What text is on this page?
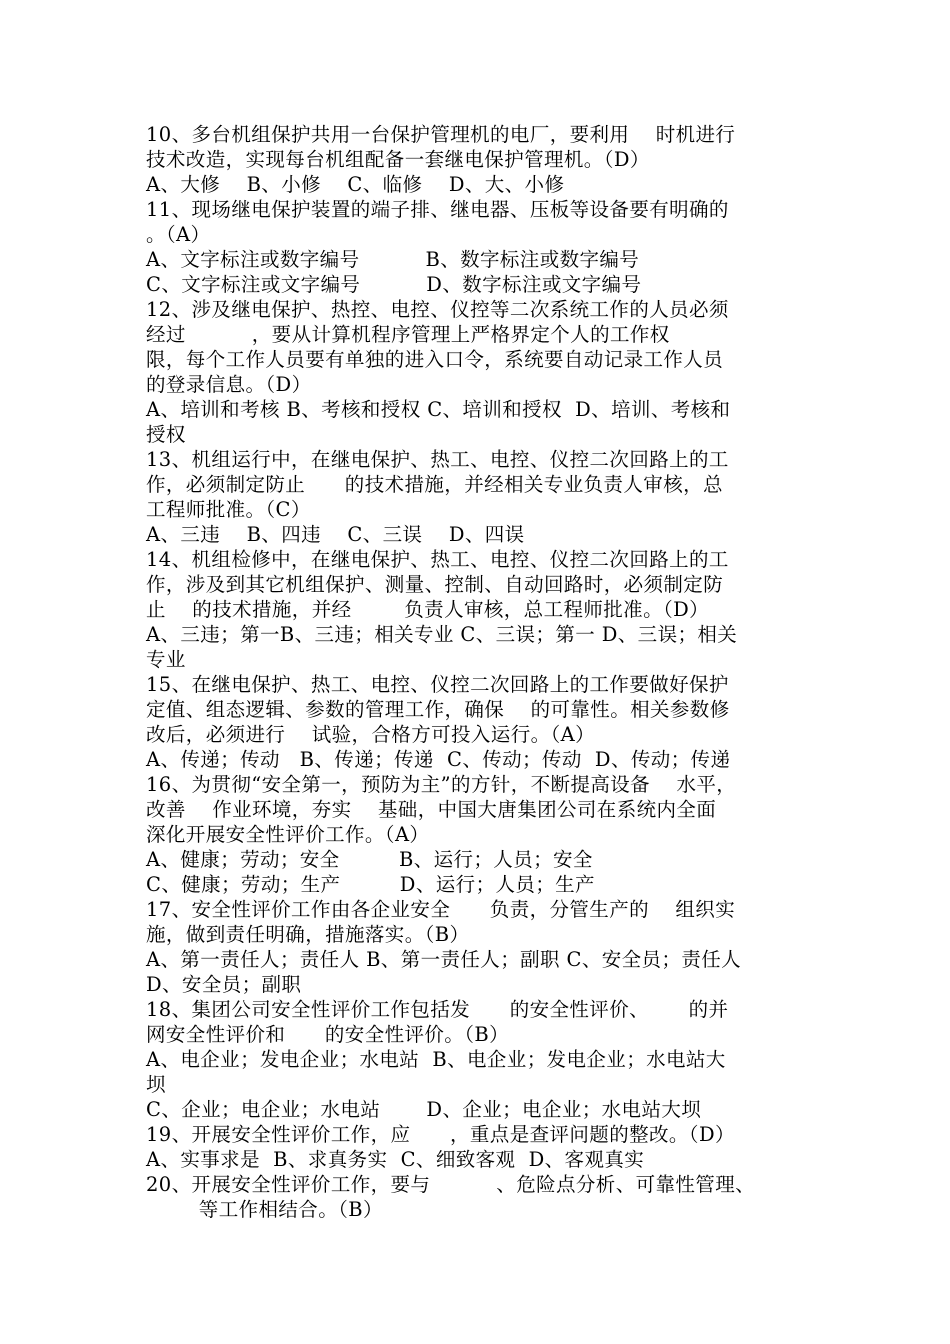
10、多台机组保护共用一台保护管理机的电厂，要利用    时机进行
技术改造，实现每台机组配备一套继电保护管理机。（D）
A、大修    B、小修    C、临修    D、大、小修
11、现场继电保护装置的端子排、继电器、压板等设备要有明确的
。（A）
A、文字标注或数字编号          B、数字标注或数字编号
C、文字标注或文字编号          D、数字标注或文字编号
12、涉及继电保护、热控、电控、仪控等二次系统工作的人员必须
经过          ，要从计算机程序管理上严格界定个人的工作权
限，每个工作人员要有单独的进入口令，系统要自动记录工作人员
的登录信息。（D）
A、培训和考核 B、考核和授权 C、培训和授权  D、培训、考核和
授权
13、机组运行中，在继电保护、热工、电控、仪控二次回路上的工
作，必须制定防止      的技术措施，并经相关专业负责人审核，总
工程师批准。（C）
A、三违    B、四违    C、三误    D、四误
14、机组检修中，在继电保护、热工、电控、仪控二次回路上的工
作，涉及到其它机组保护、测量、控制、自动回路时，必须制定防
止    的技术措施，并经        负责人审核，总工程师批准。（D）
A、三违；第一B、三违；相关专业 C、三误；第一 D、三误；相关
专业
15、在继电保护、热工、电控、仪控二次回路上的工作要做好保护
定值、组态逻辑、参数的管理工作，确保    的可靠性。相关参数修
改后，必须进行    试验，合格方可投入运行。（A）
A、传递；传动   B、传递；传递  C、传动；传动  D、传动；传递
16、为贯彻“安全第一，预防为主”的方针，不断提高设备    水平，
改善    作业环境，夯实    基础，中国大唐集团公司在系统内全面
深化开展安全性评价工作。（A）
A、健康；劳动；安全         B、运行；人员；安全
C、健康；劳动；生产         D、运行；人员；生产
17、安全性评价工作由各企业安全      负责，分管生产的    组织实
施，做到责任明确，措施落实。（B）
A、第一责任人；责任人 B、第一责任人；副职 C、安全员；责任人
D、安全员；副职
18、集团公司安全性评价工作包括发      的安全性评价、      的并
网安全性评价和      的安全性评价。（B）
A、电企业；发电企业；水电站  B、电企业；发电企业；水电站大
坝
C、企业；电企业；水电站       D、企业；电企业；水电站大坝
19、开展安全性评价工作，应      ，重点是查评问题的整改。（D）
A、实事求是  B、求真务实  C、细致客观  D、客观真实
20、开展安全性评价工作，要与          、危险点分析、可靠性管理、
等工作相结合。（B）
